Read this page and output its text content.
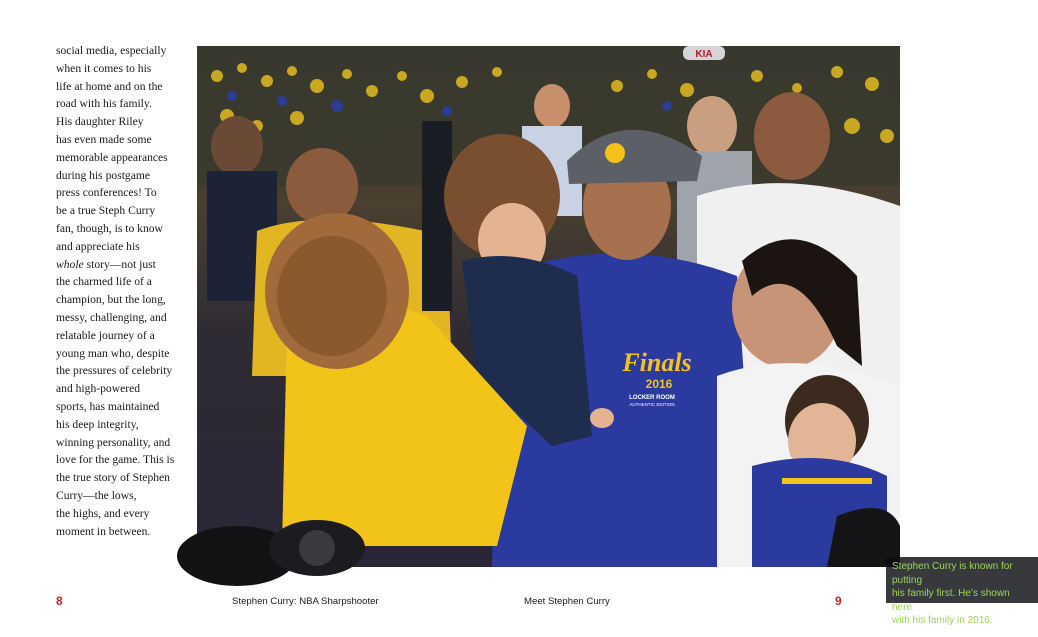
social media, especially
when it comes to his
life at home and on the
road with his family.
His daughter Riley
has even made some
memorable appearances
during his postgame
press conferences! To
be a true Steph Curry
fan, though, is to know
and appreciate his
whole story—not just
the charmed life of a
champion, but the long,
messy, challenging, and
relatable journey of a
young man who, despite
the pressures of celebrity
and high-powered
sports, has maintained
his deep integrity,
winning personality, and
love for the game. This is
the true story of Stephen
Curry—the lows,
the highs, and every
moment in between.
KIA
Finals
2016
LOCKER ROOM
AUTHENTIC EDITION
Stephen Curry is known for putting
his family first. He’s shown here
with his family in 2016.
8	Stephen Curry: NBA Sharpshooter	Meet Stephen Curry	9
